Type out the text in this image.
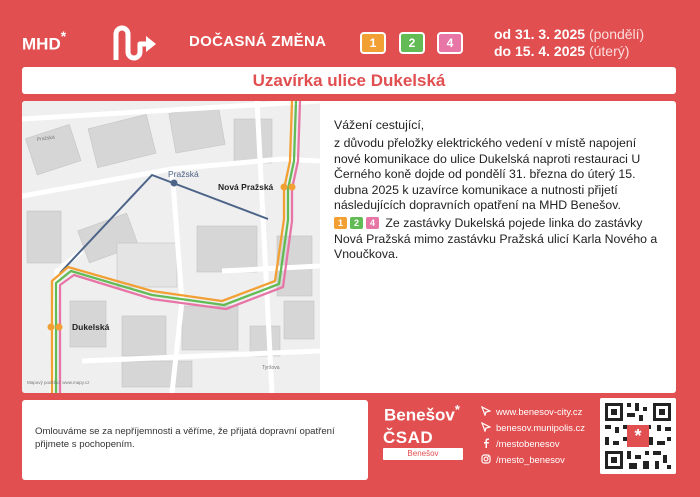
MHD*	DOČASNÁ ZMĚNA	1	2	4
od 31. 3. 2025 (pondělí)
do 15. 4. 2025 (úterý)
Uzavírka ulice Dukelská
Pražská
Nová Pražská
Dukelská
Pražská
Tyršova
Mapový podklad: www.mapy.cz

Vážení cestující,

z důvodu přeložky elektrického vedení v místě napojení nové komunikace do ulice Dukelská naproti restauraci U Černého koně dojde od pondělí 31. března do úterý 15. dubna 2025 k uzavírce komunikace a nutnosti přijetí následujících dopravních opatření na MHD Benešov.

1 2 4 Ze zastávky Dukelská pojede linka do zastávky Nová Pražská mimo zastávku Pražská ulicí Karla Nového a Vnoučkova.

Omlouváme se za nepříjemnosti a věříme, že přijatá dopravní opatření přijmete s pochopením.
Benešov*
ČSAD
Benešov
www.benesov-city.cz
benesov.munipolis.cz
/mestobenesov
/mesto_benesov
*
